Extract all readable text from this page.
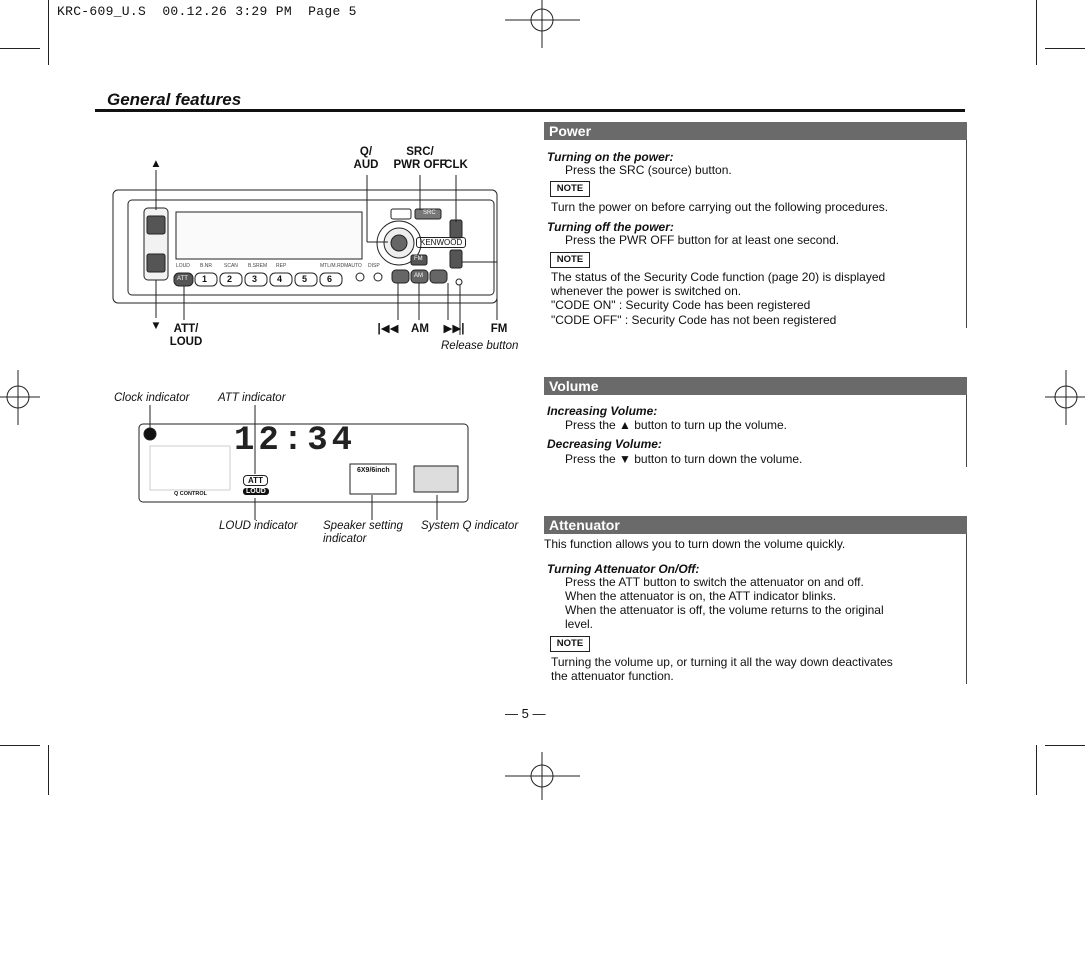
KRC-609_U.S  00.12.26 3:29 PM  Page 5
General features
KENWOOD
SRC
FM
AM
ATT 1 2 3 4 5 6
LOUD B.NR SCAN B.SREM REP	MTL/M.RDM AUTO DISP
▲
▼
Q/
AUD
SRC/
PWR OFF
CLK
ATT/
LOUD
|◀◀ AM ▶▶| FM
Release button
Clock indicator ATT indicator
12:34
ATT
LOUD
6X9/6inch
Q CONTROL
LOUD indicator Speaker setting indicator
System Q indicator
Power
Turning on the power:
Press the SRC (source) button.
NOTE
Turn the power on before carrying out the following procedures.
Turning off the power:
Press the PWR OFF button for at least one second.
NOTE
The status of the Security Code function (page 20) is displayed
whenever the power is switched on.
"CODE ON" : Security Code has been registered
"CODE OFF" : Security Code has not been registered
Volume
Increasing Volume:
Press the ▲ button to turn up the volume.
Decreasing Volume:
Press the ▼ button to turn down the volume.
Attenuator
This function allows you to turn down the volume quickly.
Turning Attenuator On/Off:
Press the ATT button to switch the attenuator on and off.
When the attenuator is on, the ATT indicator blinks.
When the attenuator is off, the volume returns to the original
level.
NOTE
Turning the volume up, or turning it all the way down deactivates
the attenuator function.
— 5 —
